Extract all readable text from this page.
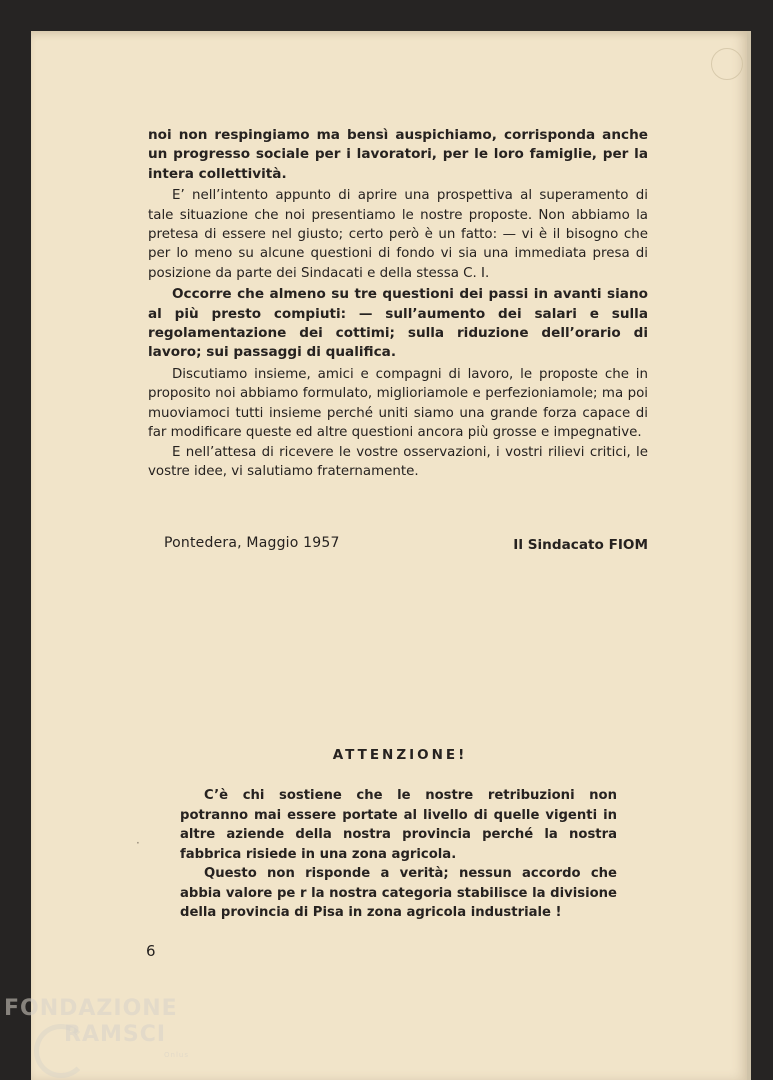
noi non respingiamo ma bensì auspichiamo, corrisponda anche un progresso sociale per i lavoratori, per le loro famiglie, per la intera collettività.

E’ nell’intento appunto di aprire una prospettiva al superamento di tale situazione che noi presentiamo le nostre proposte. Non abbiamo la pretesa di essere nel giusto; certo però è un fatto: — vi è il bisogno che per lo meno su alcune questioni di fondo vi sia una immediata presa di posizione da parte dei Sindacati e della stessa C. I.

Occorre che almeno su tre questioni dei passi in avanti siano al più presto compiuti: — sull’aumento dei salari e sulla regolamentazione dei cottimi; sulla riduzione dell’orario di lavoro; sui passaggi di qualifica.

Discutiamo insieme, amici e compagni di lavoro, le proposte che in proposito noi abbiamo formulato, miglioriamole e perfezioniamole; ma poi muoviamoci tutti insieme perché uniti siamo una grande forza capace di far modificare queste ed altre questioni ancora più grosse e impegnative.

E nell’attesa di ricevere le vostre osservazioni, i vostri rilievi critici, le vostre idee, vi salutiamo fraternamente.

Pontedera, Maggio 1957	Il Sindacato FIOM
ATTENZIONE!
·

C’è chi sostiene che le nostre retribuzioni non potranno mai essere portate al livello di quelle vigenti in altre aziende della nostra provincia perché la nostra fabbrica risiede in una zona agricola.

Questo non risponde a verità; nessun accordo che abbia valore pe r la nostra categoria stabilisce la divisione della provincia di Pisa in zona agricola industriale !

6
FONDAZIONE
RAMSCI
Onlus
